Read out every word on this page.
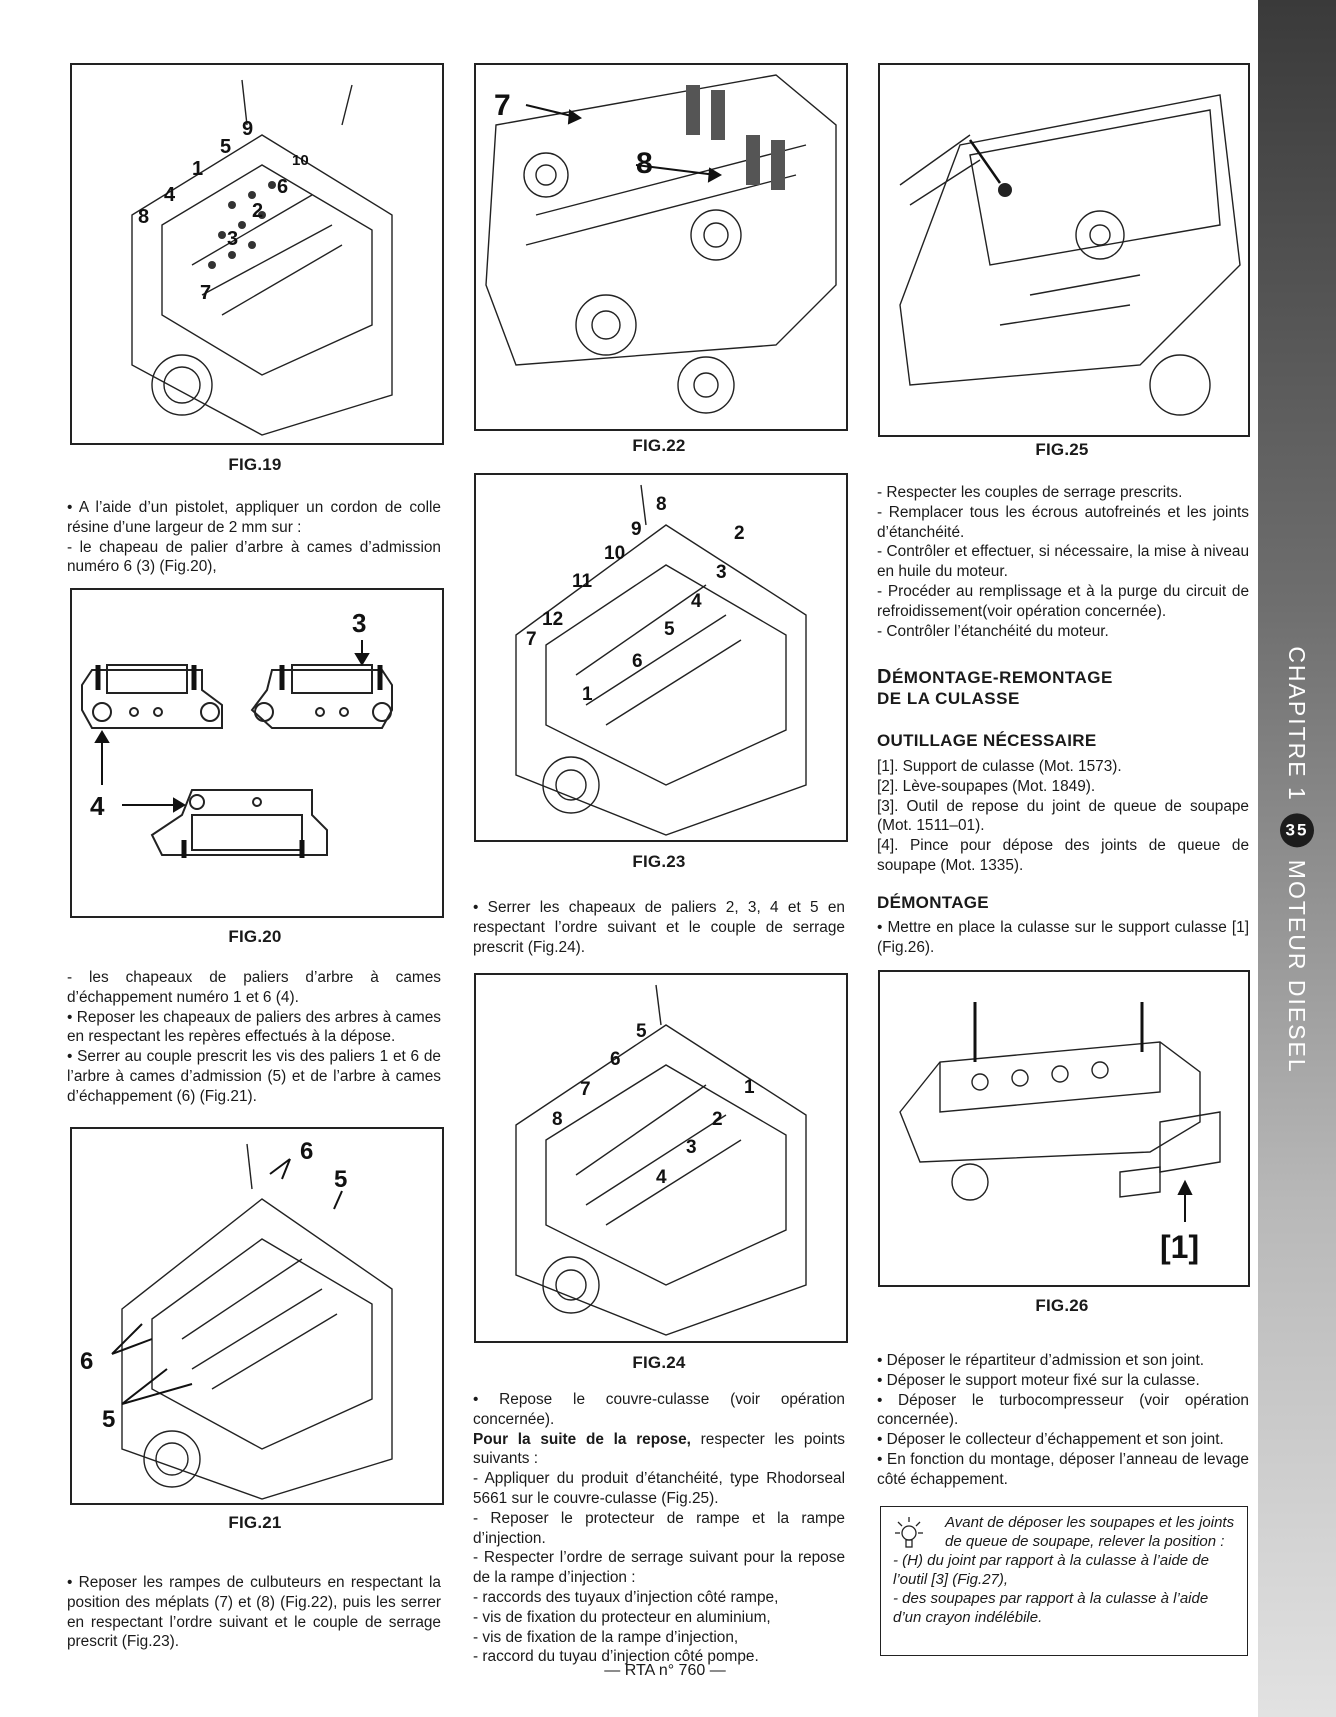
9
5
10
1
6
4
2
8
3
7
FIG.19

• A l’aide d’un pistolet, appliquer un cordon de colle résine d’une largeur de 2 mm sur :

- le chapeau de palier d’arbre à cames d’admission numéro 6 (3) (Fig.20),

3
4
FIG.20

- les chapeaux de paliers d’arbre à cames d’échappement numéro 1 et 6 (4).

• Reposer les chapeaux de paliers des arbres à cames en respectant les repères effectués à la dépose.

• Serrer au couple prescrit les vis des paliers 1 et 6 de l’arbre à cames d’admission (5) et de l’arbre à cames d’échappement (6) (Fig.21).

6
5
6
5
FIG.21

• Reposer les rampes de culbuteurs en respectant la position des méplats (7) et (8) (Fig.22), puis les serrer en respectant l’ordre suivant et le couple de serrage prescrit (Fig.23).

7
8
FIG.22
8
9	2
10
3
11
4
12	5
7
6
1
FIG.23

• Serrer les chapeaux de paliers 2, 3, 4 et 5 en respectant l’ordre suivant et le couple de serrage prescrit (Fig.24).

5
6
7	1
8	2
3
4
FIG.24

• Repose le couvre-culasse (voir opération concernée).

Pour la suite de la repose, respecter les points suivants :

- Appliquer du produit d’étanchéité, type Rhodorseal 5661 sur le couvre-culasse (Fig.25).

- Reposer le protecteur de rampe et la rampe d’injection.

- Respecter l’ordre de serrage suivant pour la repose de la rampe d’injection :

- raccords des tuyaux d’injection côté rampe,

- vis de fixation du protecteur en aluminium,

- vis de fixation de la rampe d’injection,

- raccord du tuyau d’injection côté pompe.

— RTA n° 760 —
FIG.25

- Respecter les couples de serrage prescrits.

- Remplacer tous les écrous autofreinés et les joints d’étanchéité.

- Contrôler et effectuer, si nécessaire, la mise à niveau en huile du moteur.

- Procéder au remplissage et à la purge du circuit de refroidissement(voir opération concernée).

- Contrôler l’étanchéité du moteur.

DÉMONTAGE-REMONTAGE
DE LA CULASSE
OUTILLAGE NÉCESSAIRE

[1]. Support de culasse (Mot. 1573).

[2]. Lève-soupapes (Mot. 1849).

[3]. Outil de repose du joint de queue de soupape (Mot. 1511–01).

[4]. Pince pour dépose des joints de queue de soupape (Mot. 1335).

DÉMONTAGE

• Mettre en place la culasse sur le support culasse [1] (Fig.26).

[1]
FIG.26

• Déposer le répartiteur d’admission et son joint.

• Déposer le support moteur fixé sur la culasse.

• Déposer le turbocompresseur (voir opération concernée).

• Déposer le collecteur d’échappement et son joint.

• En fonction du montage, déposer l’anneau de levage côté échappement.

Avant de déposer les soupapes et les joints de queue de soupape, relever la position :

- (H) du joint par rapport à la culasse à l’aide de l’outil [3] (Fig.27),

- des soupapes par rapport à la culasse à l’aide d’un crayon indélébile.

CHAPITRE 1
35
MOTEUR DIESEL
